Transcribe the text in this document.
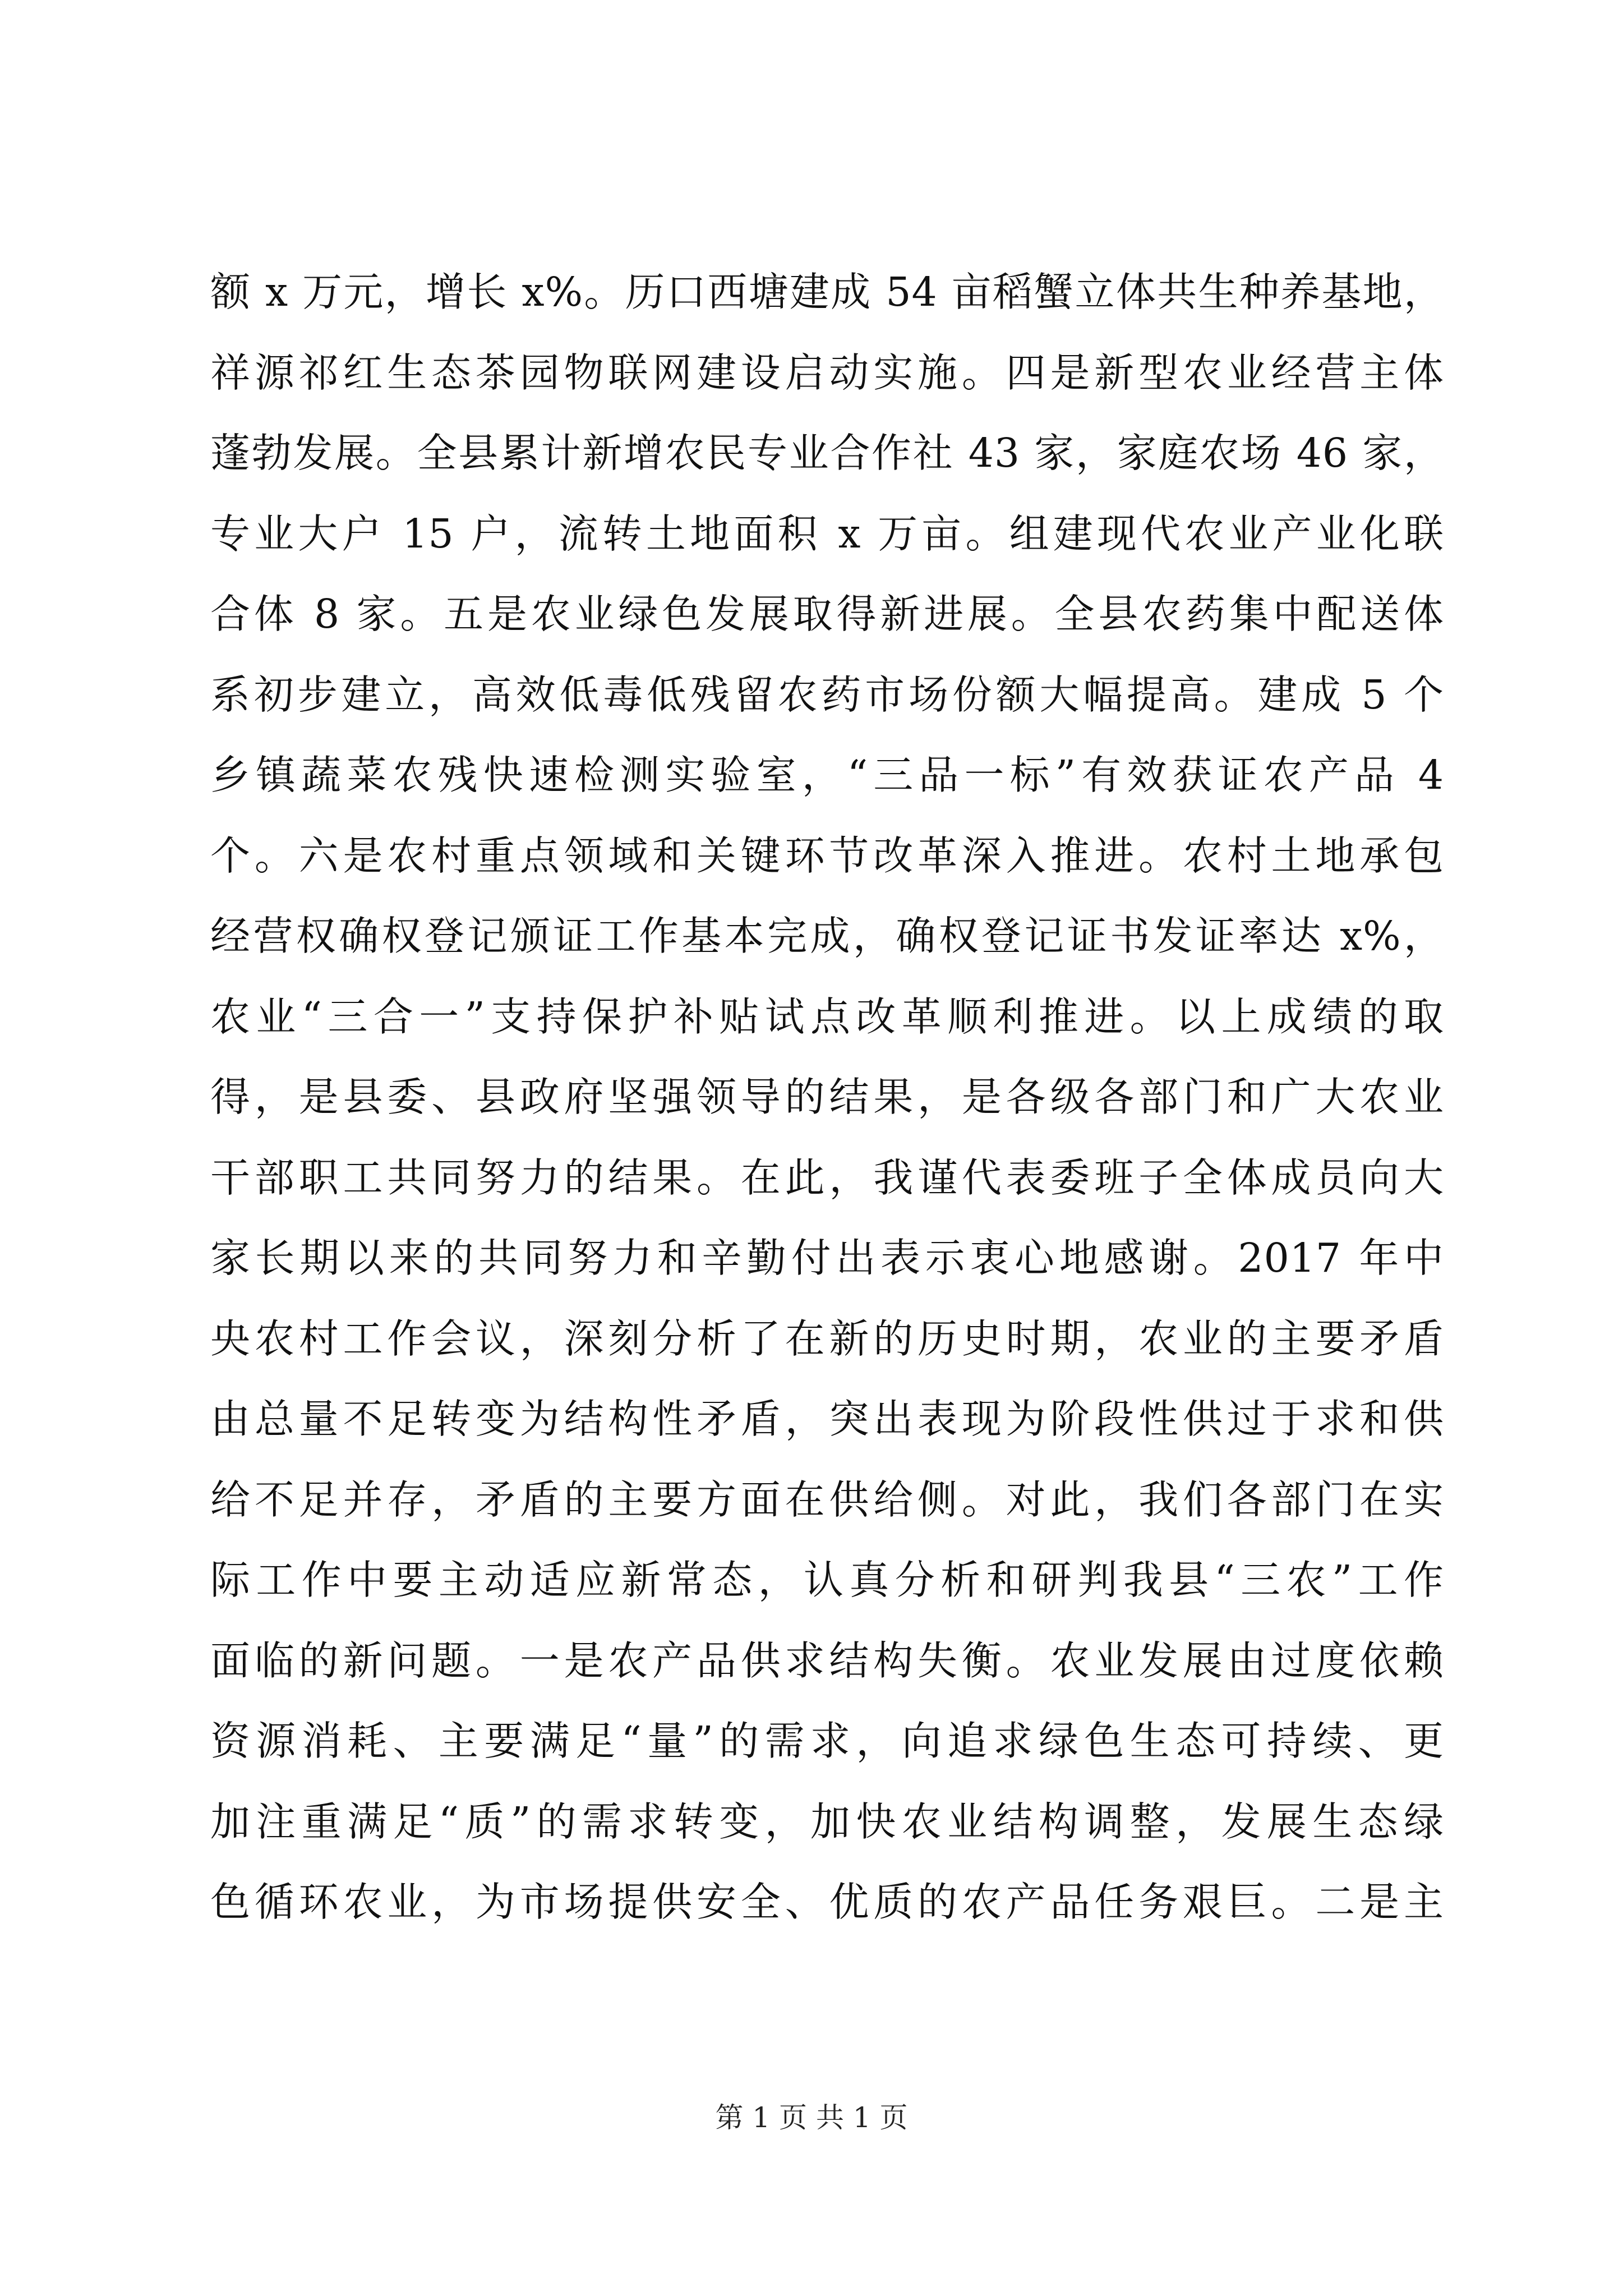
额 x 万元，增长 x%。历口西塘建成 54 亩稻蟹立体共生种养基地，
祥源祁红生态茶园物联网建设启动实施。四是新型农业经营主体
蓬勃发展。全县累计新增农民专业合作社 43 家，家庭农场 46 家，
专业大户 15 户，流转土地面积 x 万亩。组建现代农业产业化联
合体 8 家。五是农业绿色发展取得新进展。全县农药集中配送体
系初步建立，高效低毒低残留农药市场份额大幅提高。建成 5 个
乡镇蔬菜农残快速检测实验室，“三品一标”有效获证农产品 4
个。六是农村重点领域和关键环节改革深入推进。农村土地承包
经营权确权登记颁证工作基本完成，确权登记证书发证率达 x%，
农业“三合一”支持保护补贴试点改革顺利推进。以上成绩的取
得，是县委、县政府坚强领导的结果，是各级各部门和广大农业
干部职工共同努力的结果。在此，我谨代表委班子全体成员向大
家长期以来的共同努力和辛勤付出表示衷心地感谢。2017 年中
央农村工作会议，深刻分析了在新的历史时期，农业的主要矛盾
由总量不足转变为结构性矛盾，突出表现为阶段性供过于求和供
给不足并存，矛盾的主要方面在供给侧。对此，我们各部门在实
际工作中要主动适应新常态，认真分析和研判我县“三农”工作
面临的新问题。一是农产品供求结构失衡。农业发展由过度依赖
资源消耗、主要满足“量”的需求，向追求绿色生态可持续、更
加注重满足“质”的需求转变，加快农业结构调整，发展生态绿
色循环农业，为市场提供安全、优质的农产品任务艰巨。二是主
第 1 页 共 1 页
